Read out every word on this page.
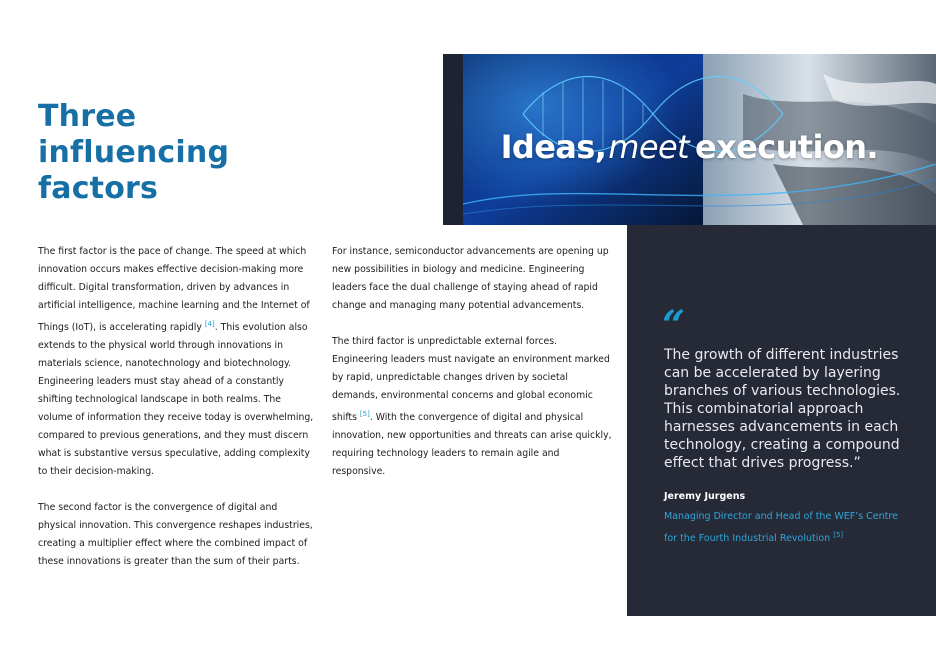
Three
influencing
factors
Ideas,meet execution.

The first factor is the pace of change. The speed at which innovation occurs makes effective decision-making more difficult. Digital transformation, driven by advances in artificial intelligence, machine learning and the Internet of Things (IoT), is accelerating rapidly [4]. This evolution also extends to the physical world through innovations in materials science, nanotechnology and biotechnology. Engineering leaders must stay ahead of a constantly shifting technological landscape in both realms. The volume of information they receive today is overwhelming, compared to previous generations, and they must discern what is substantive versus speculative, adding complexity to their decision-making.

The second factor is the convergence of digital and physical innovation. This convergence reshapes industries, creating a multiplier effect where the combined impact of these innovations is greater than the sum of their parts.

For instance, semiconductor advancements are opening up new possibilities in biology and medicine. Engineering leaders face the dual challenge of staying ahead of rapid change and managing many potential advancements.

The third factor is unpredictable external forces. Engineering leaders must navigate an environment marked by rapid, unpredictable changes driven by societal demands, environmental concerns and global economic shifts [5]. With the convergence of digital and physical innovation, new opportunities and threats can arise quickly, requiring technology leaders to remain agile and responsive.

“
The growth of different industries can be accelerated by layering branches of various technologies. This combinatorial approach harnesses advancements in each technology, creating a compound effect that drives progress.”
Jeremy Jurgens
Managing Director and Head of the WEF’s Centre for the Fourth Industrial Revolution [5]
